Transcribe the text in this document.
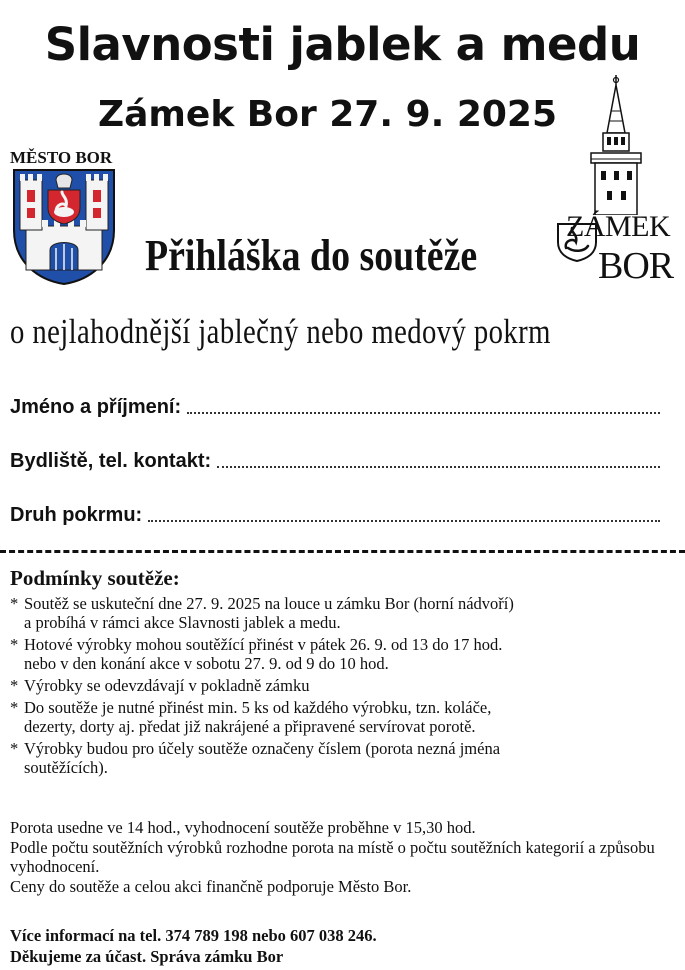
Slavnosti jablek a medu
Zámek Bor 27. 9. 2025
MĚSTO BOR
ZÁMEK
BOR
Přihláška do soutěže
o nejlahodnější jablečný nebo medový pokrm
Jméno a příjmení:
Bydliště, tel. kontakt:
Druh pokrmu:
Podmínky soutěže:
* Soutěž se uskuteční dne 27. 9. 2025 na louce u zámku Bor (horní nádvoří)
a probíhá v rámci akce Slavnosti jablek a medu.
* Hotové výrobky mohou soutěžící přinést v pátek 26. 9. od 13 do 17 hod.
nebo v den konání akce v sobotu 27. 9. od 9 do 10 hod.
* Výrobky se odevzdávají v pokladně zámku
* Do soutěže je nutné přinést min. 5 ks od každého výrobku, tzn. koláče,
dezerty, dorty aj. předat již nakrájené a připravené servírovat porotě.
* Výrobky budou pro účely soutěže označeny číslem (porota nezná jména
soutěžících).

Porota usedne ve 14 hod., vyhodnocení soutěže proběhne v 15,30 hod.

Podle počtu soutěžních výrobků rozhodne porota na místě o počtu soutěžních kategorií a způsobu vyhodnocení.

Ceny do soutěže a celou akci finančně podporuje Město Bor.

Více informací na tel. 374 789 198 nebo 607 038 246.
Děkujeme za účast. Správa zámku Bor
